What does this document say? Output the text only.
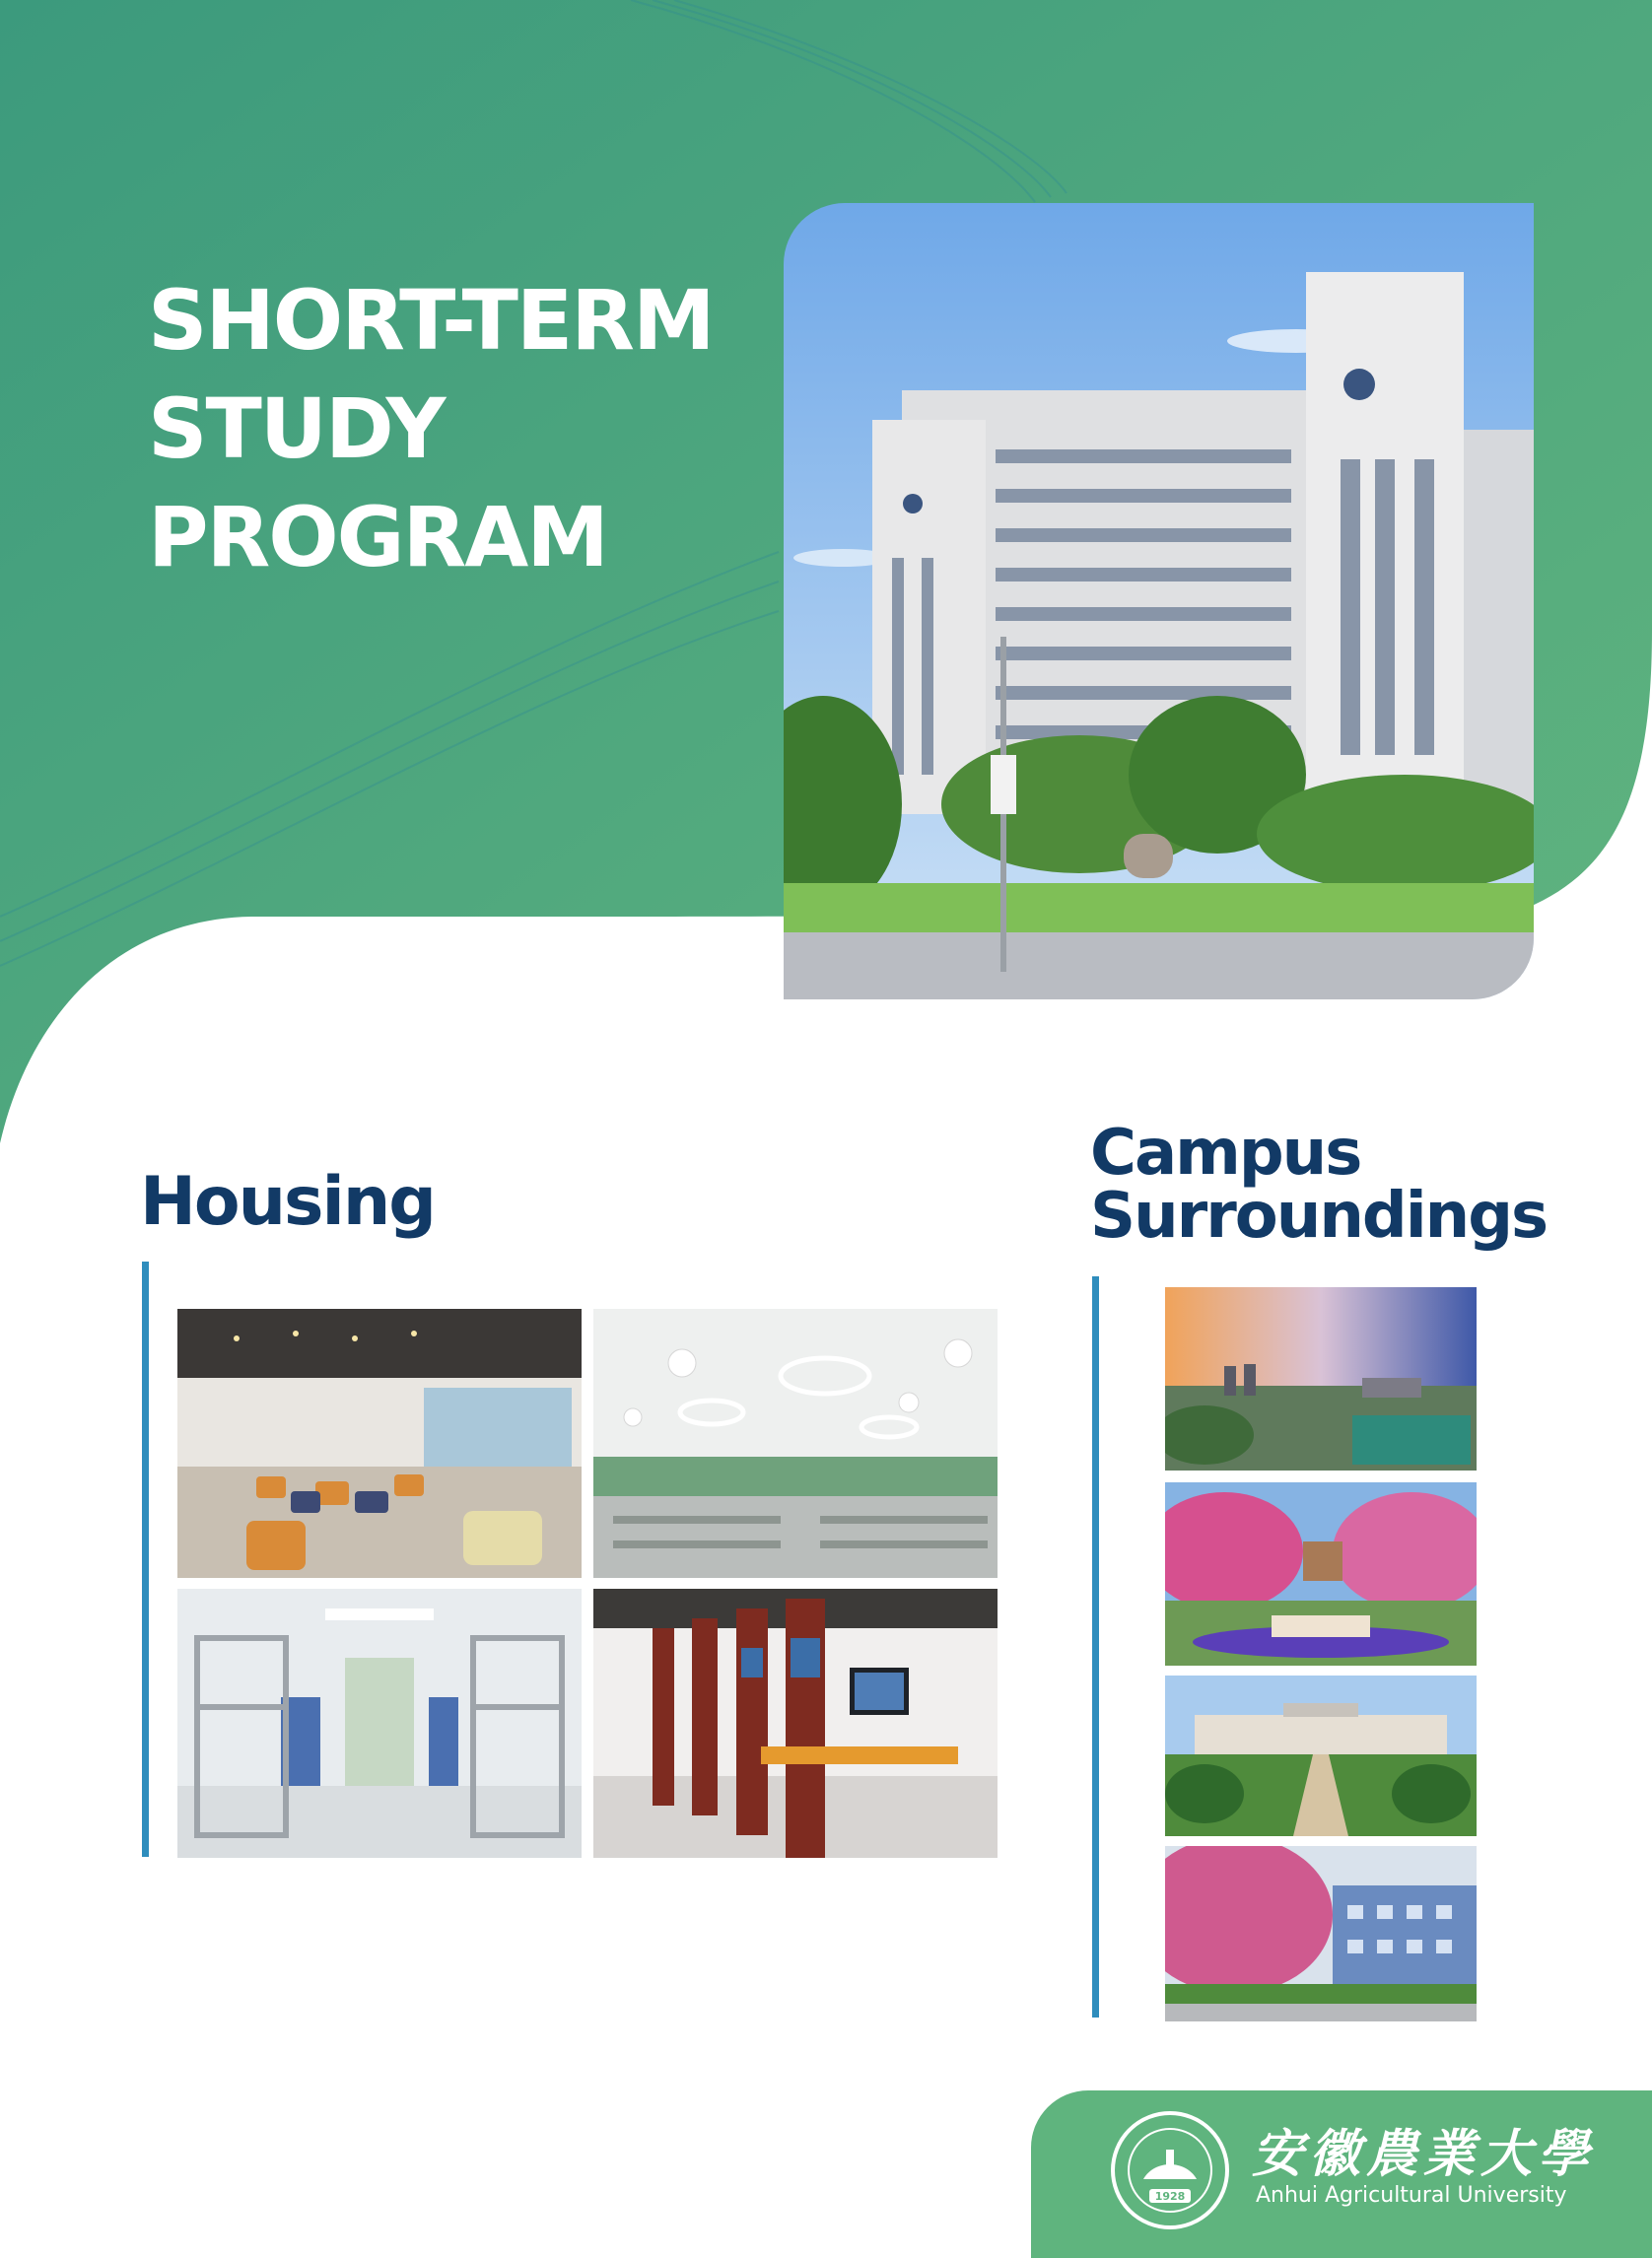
SHORT-TERM
STUDY
PROGRAM
Housing
Campus
Surroundings
1928
安徽農業大學
Anhui Agricultural University
